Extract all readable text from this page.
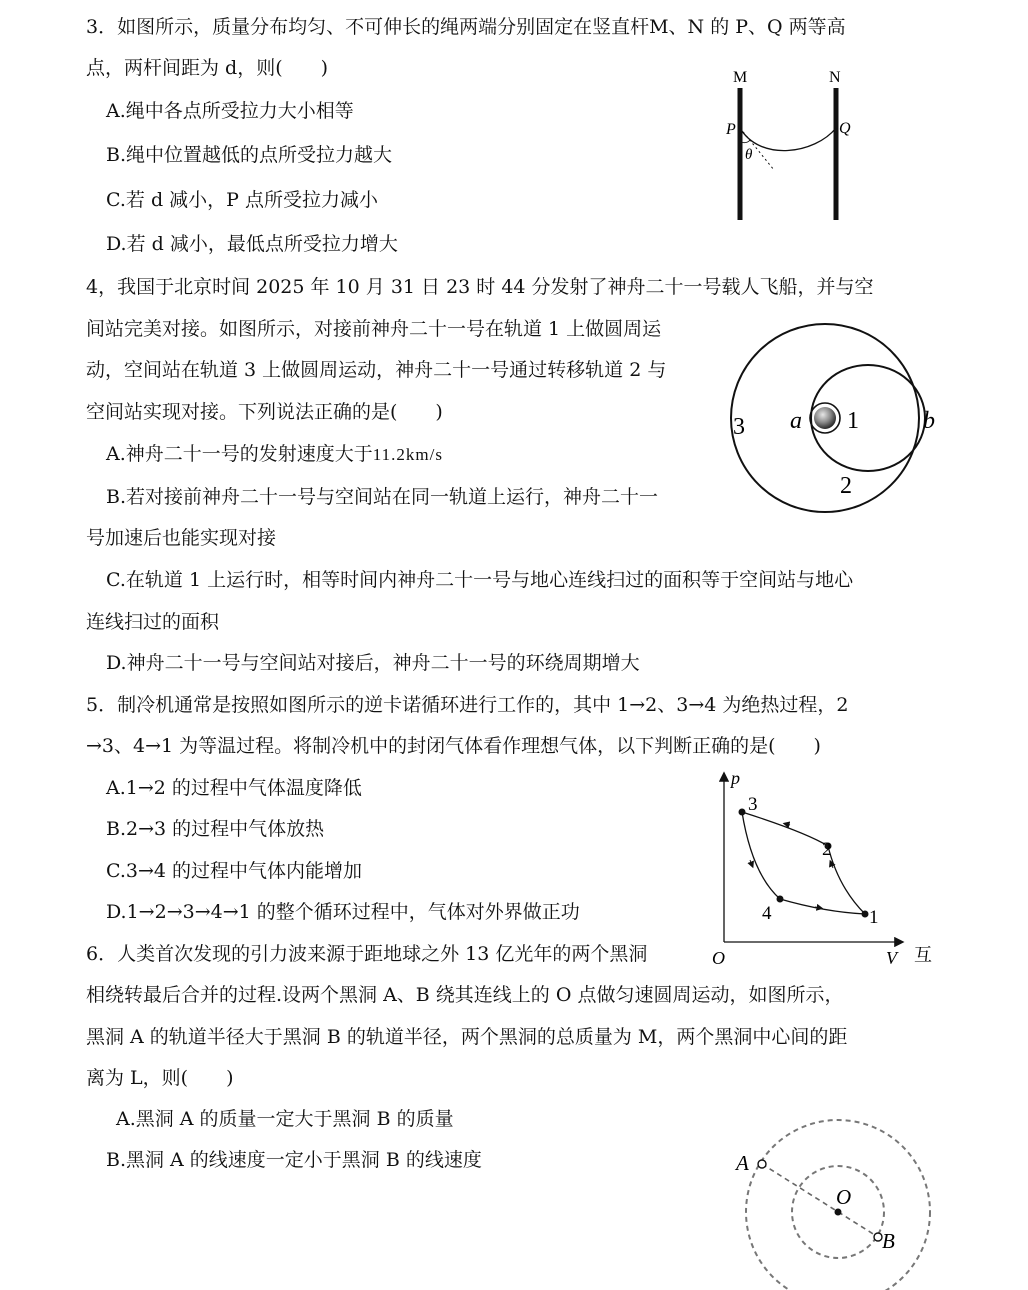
3．如图所示，质量分布均匀、不可伸长的绳两端分别固定在竖直杆M、N 的 P、Q 两等高
点，两杆间距为 d，则(　　)
A.绳中各点所受拉力大小相等
B.绳中位置越低的点所受拉力越大
C.若 d 减小，P 点所受拉力减小
D.若 d 减小，最低点所受拉力增大
M	N
P	Q
θ
4，我国于北京时间 2025 年 10 月 31 日 23 时 44 分发射了神舟二十一号载人飞船，并与空
间站完美对接。如图所示，对接前神舟二十一号在轨道 1 上做圆周运
动，空间站在轨道 3 上做圆周运动，神舟二十一号通过转移轨道 2 与
空间站实现对接。下列说法正确的是(　　)
A.神舟二十一号的发射速度大于11.2km/s
B.若对接前神舟二十一号与空间站在同一轨道上运行，神舟二十一
号加速后也能实现对接
C.在轨道 1 上运行时，相等时间内神舟二十一号与地心连线扫过的面积等于空间站与地心
连线扫过的面积
D.神舟二十一号与空间站对接后，神舟二十一号的环绕周期增大
3 a 1	b
2
5．制冷机通常是按照如图所示的逆卡诺循环进行工作的，其中 1→2、3→4 为绝热过程，2
→3、4→1 为等温过程。将制冷机中的封闭气体看作理想气体，以下判断正确的是(　　)
A.1→2 的过程中气体温度降低
B.2→3 的过程中气体放热
C.3→4 的过程中气体内能增加
D.1→2→3→4→1 的整个循环过程中，气体对外界做正功
p
V
O
3
2
4	1
互
6．人类首次发现的引力波来源于距地球之外 13 亿光年的两个黑洞
相绕转最后合并的过程.设两个黑洞 A、B 绕其连线上的 O 点做匀速圆周运动，如图所示，
黑洞 A 的轨道半径大于黑洞 B 的轨道半径，两个黑洞的总质量为 M，两个黑洞中心间的距
离为 L，则(　　)
A.黑洞 A 的质量一定大于黑洞 B 的质量
B.黑洞 A 的线速度一定小于黑洞 B 的线速度	A
O
B
